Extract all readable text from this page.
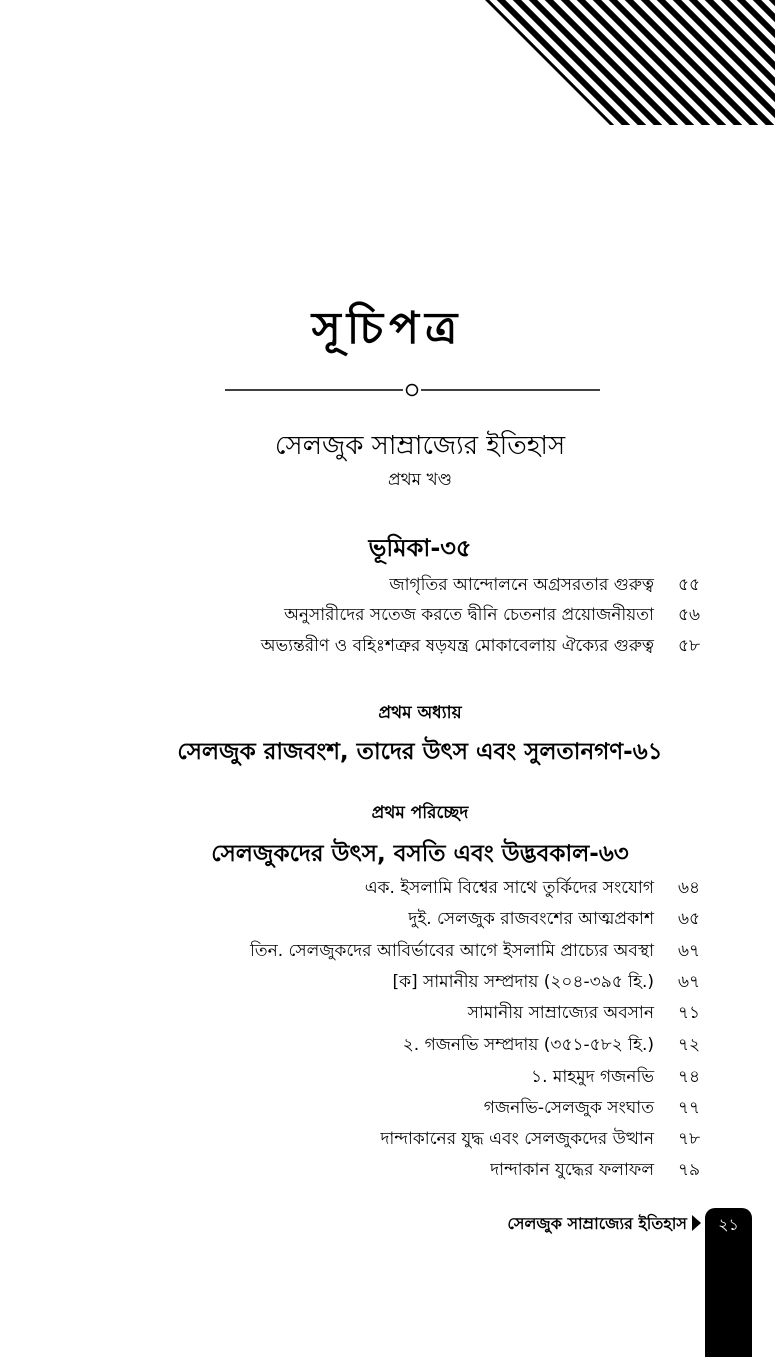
সূচিপত্র
সেলজুক সাম্রাজ্যের ইতিহাস
প্রথম খণ্ড
ভূমিকা-৩৫
জাগৃতির আন্দোলনে অগ্রসরতার গুরুত্ব ৫৫
অনুসারীদের সতেজ করতে দ্বীনি চেতনার প্রয়োজনীয়তা ৫৬
অভ্যন্তরীণ ও বহিঃশত্রুর ষড়যন্ত্র মোকাবেলায় ঐক্যের গুরুত্ব ৫৮
প্রথম অধ্যায়
সেলজুক রাজবংশ, তাদের উৎস এবং সুলতানগণ-৬১
প্রথম পরিচ্ছেদ
সেলজুকদের উৎস, বসতি এবং উদ্ভবকাল-৬৩
এক. ইসলামি বিশ্বের সাথে তুর্কিদের সংযোগ ৬৪
দুই. সেলজুক রাজবংশের আত্মপ্রকাশ ৬৫
তিন. সেলজুকদের আবির্ভাবের আগে ইসলামি প্রাচ্যের অবস্থা ৬৭
[ক] সামানীয় সম্প্রদায় (২০৪-৩৯৫ হি.) ৬৭
সামানীয় সাম্রাজ্যের অবসান ৭১
২. গজনভি সম্প্রদায় (৩৫১-৫৮২ হি.) ৭২
১. মাহমুদ গজনভি ৭৪
গজনভি-সেলজুক সংঘাত ৭৭
দান্দাকানের যুদ্ধ এবং সেলজুকদের উত্থান ৭৮
দান্দাকান যুদ্ধের ফলাফল ৭৯
সেলজুক সাম্রাজ্যের ইতিহাস	২১
